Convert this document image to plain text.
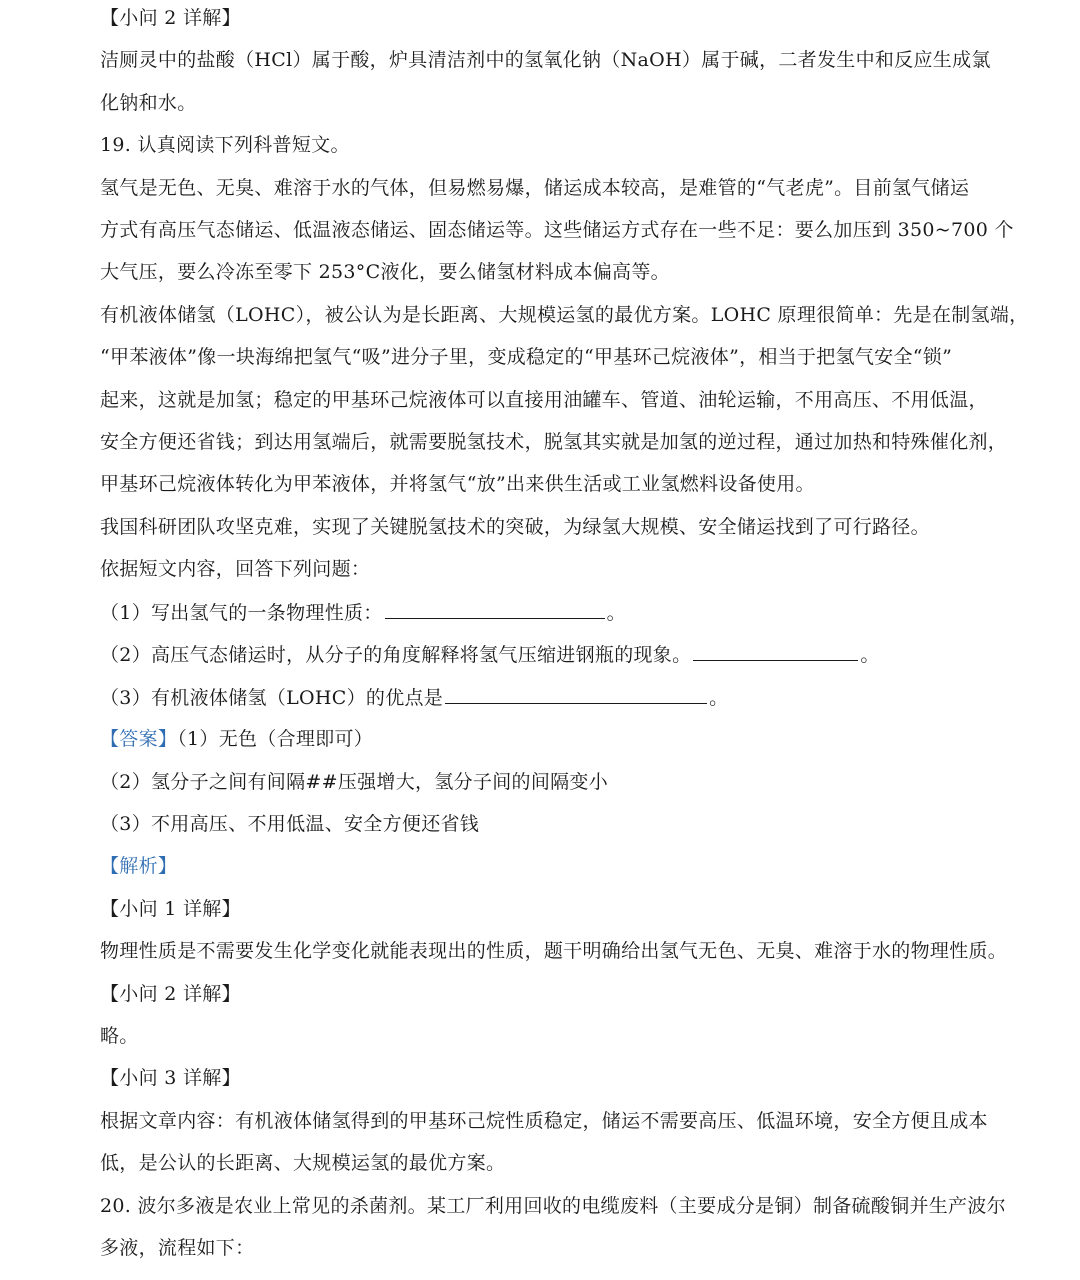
【小问 2 详解】
洁厕灵中的盐酸（HCl）属于酸，炉具清洁剂中的氢氧化钠（NaOH）属于碱，二者发生中和反应生成氯
化钠和水。
19. 认真阅读下列科普短文。
氢气是无色、无臭、难溶于水的气体，但易燃易爆，储运成本较高，是难管的“气老虎”。目前氢气储运
方式有高压气态储运、低温液态储运、固态储运等。这些储运方式存在一些不足：要么加压到 350~700 个
大气压，要么冷冻至零下 253°C液化，要么储氢材料成本偏高等。
有机液体储氢（LOHC），被公认为是长距离、大规模运氢的最优方案。LOHC 原理很简单：先是在制氢端，
“甲苯液体”像一块海绵把氢气“吸”进分子里，变成稳定的“甲基环己烷液体”，相当于把氢气安全“锁”
起来，这就是加氢；稳定的甲基环己烷液体可以直接用油罐车、管道、油轮运输，不用高压、不用低温，
安全方便还省钱；到达用氢端后，就需要脱氢技术，脱氢其实就是加氢的逆过程，通过加热和特殊催化剂，
甲基环己烷液体转化为甲苯液体，并将氢气“放”出来供生活或工业氢燃料设备使用。
我国科研团队攻坚克难，实现了关键脱氢技术的突破，为绿氢大规模、安全储运找到了可行路径。
依据短文内容，回答下列问题：
（1）写出氢气的一条物理性质：	。
（2）高压气态储运时，从分子的角度解释将氢气压缩进钢瓶的现象。	。
（3）有机液体储氢（LOHC）的优点是	。
【答案】（1）无色（合理即可）
（2）氢分子之间有间隔##压强增大，氢分子间的间隔变小
（3）不用高压、不用低温、安全方便还省钱
【解析】
【小问 1 详解】
物理性质是不需要发生化学变化就能表现出的性质，题干明确给出氢气无色、无臭、难溶于水的物理性质。
【小问 2 详解】
略。
【小问 3 详解】
根据文章内容：有机液体储氢得到的甲基环己烷性质稳定，储运不需要高压、低温环境，安全方便且成本
低，是公认的长距离、大规模运氢的最优方案。
20. 波尔多液是农业上常见的杀菌剂。某工厂利用回收的电缆废料（主要成分是铜）制备硫酸铜并生产波尔
多液，流程如下：
